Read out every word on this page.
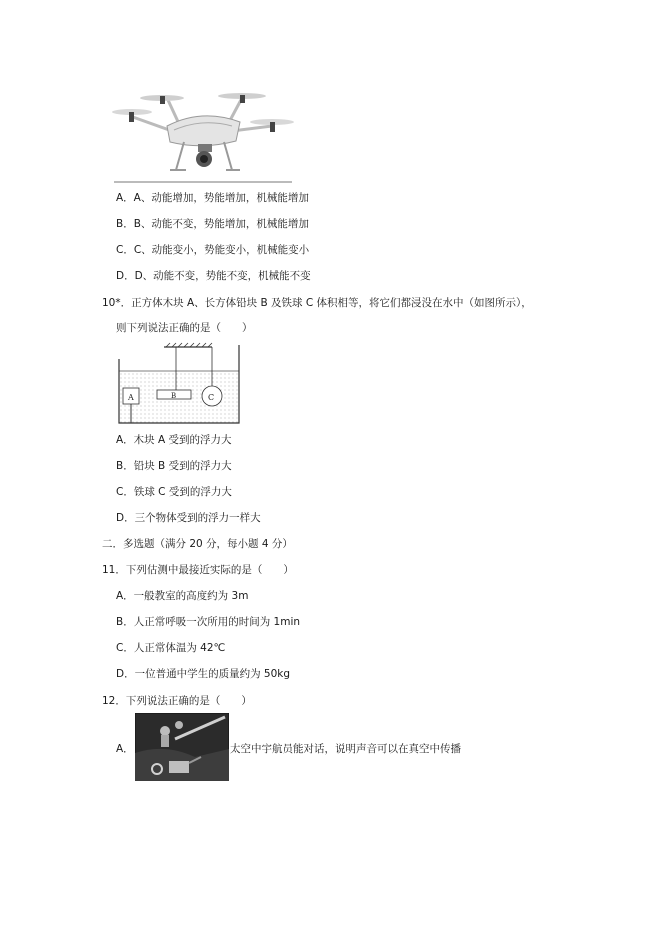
A．A、动能增加，势能增加，机械能增加
B．B、动能不变，势能增加，机械能增加
C．C、动能变小，势能变小，机械能变小
D．D、动能不变，势能不变，机械能不变
10*．正方体木块 A、长方体铅块 B 及铁球 C 体积相等，将它们都浸没在水中（如图所示），
则下列说法正确的是（　　）
A	B	C
A．木块 A 受到的浮力大
B．铅块 B 受到的浮力大
C．铁球 C 受到的浮力大
D．三个物体受到的浮力一样大
二．多选题（满分 20 分，每小题 4 分）
11．下列估测中最接近实际的是（　　）
A．一般教室的高度约为 3m
B．人正常呼吸一次所用的时间为 1min
C．人正常体温为 42℃
D．一位普通中学生的质量约为 50kg
12．下列说法正确的是（　　）
A．	太空中宇航员能对话，说明声音可以在真空中传播
